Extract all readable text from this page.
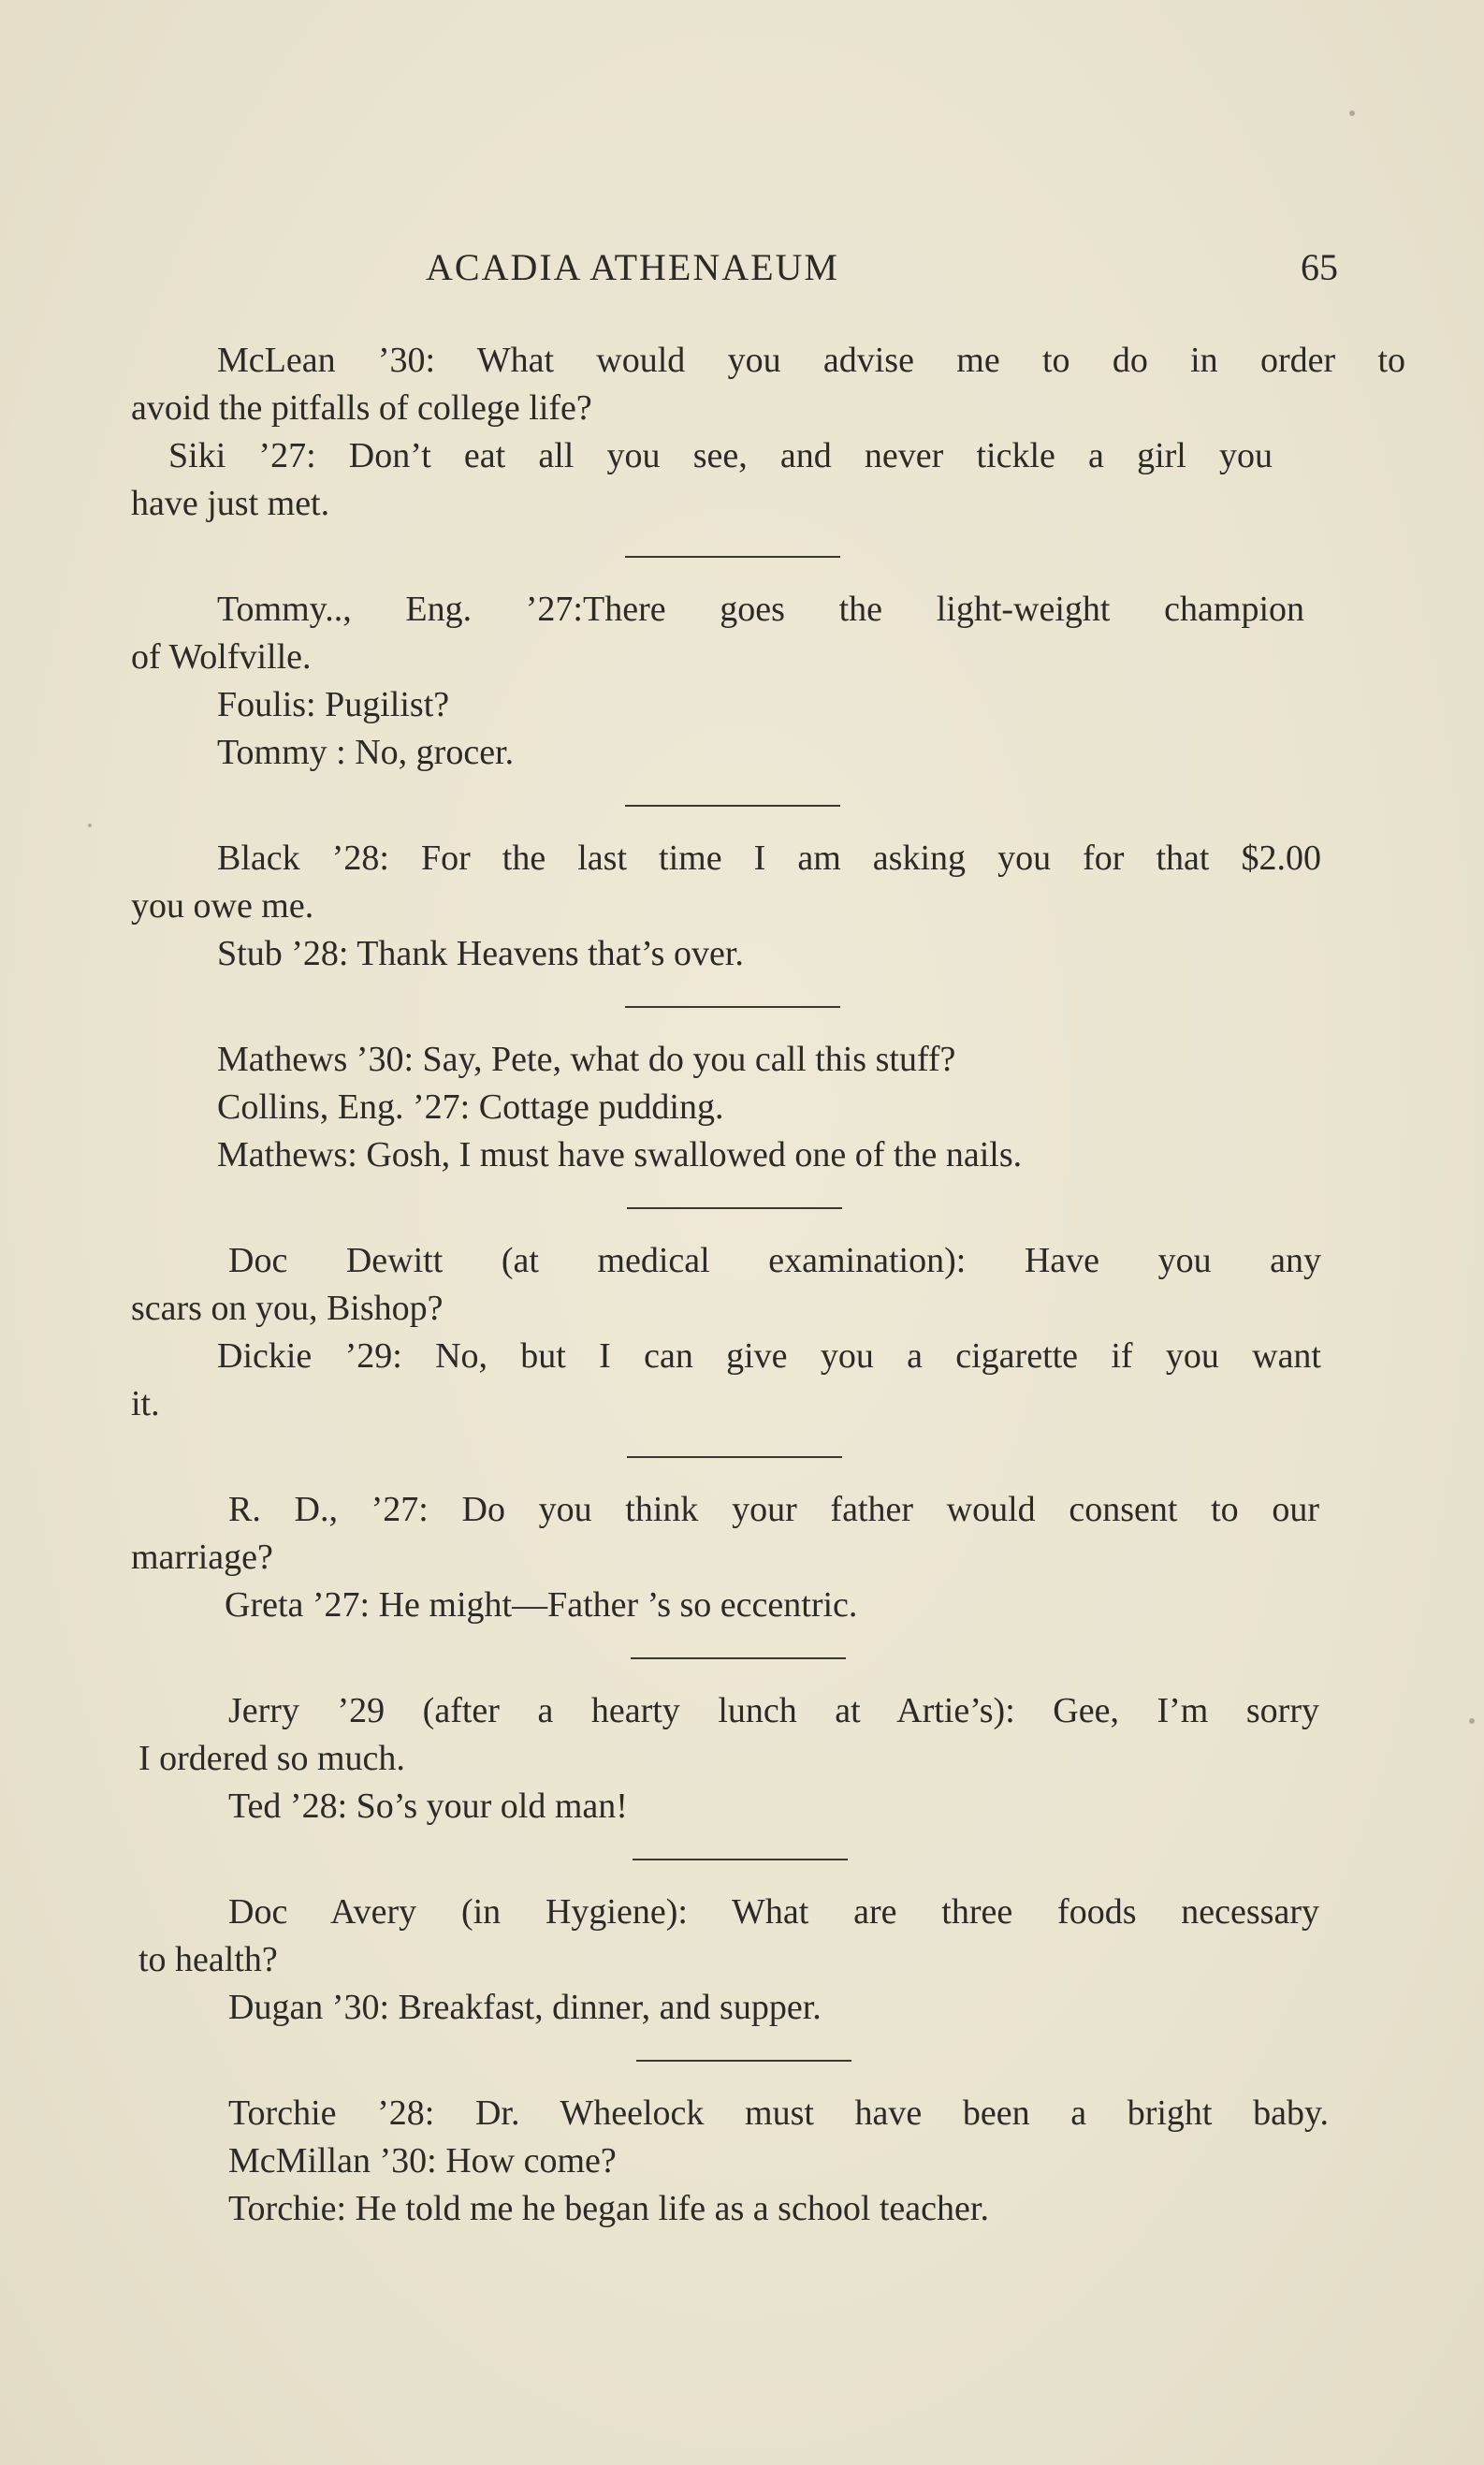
ACADIA ATHENAEUM	65
McLean ’30: What would you advise me to do in order to
avoid the pitfalls of college life?
Siki ’27: Don’t eat all you see, and never tickle a girl you
have just met.
Tommy.., Eng. ’27:There goes the light-weight champion
of Wolfville.
Foulis: Pugilist?
Tommy : No, grocer.
Black ’28: For the last time I am asking you for that $2.00
you owe me.
Stub ’28: Thank Heavens that’s over.
Mathews ’30: Say, Pete, what do you call this stuff?
Collins, Eng. ’27: Cottage pudding.
Mathews: Gosh, I must have swallowed one of the nails.
Doc Dewitt (at medical examination): Have you any
scars on you, Bishop?
Dickie ’29: No, but I can give you a cigarette if you want
it.
R. D., ’27: Do you think your father would consent to our
marriage?
Greta ’27: He might—Father ’s so eccentric.
Jerry ’29 (after a hearty lunch at Artie’s): Gee, I’m sorry
I ordered so much.
Ted ’28: So’s your old man!
Doc Avery (in Hygiene): What are three foods necessary
to health?
Dugan ’30: Breakfast, dinner, and supper.
Torchie ’28: Dr. Wheelock must have been a bright baby.
McMillan ’30: How come?
Torchie: He told me he began life as a school teacher.
